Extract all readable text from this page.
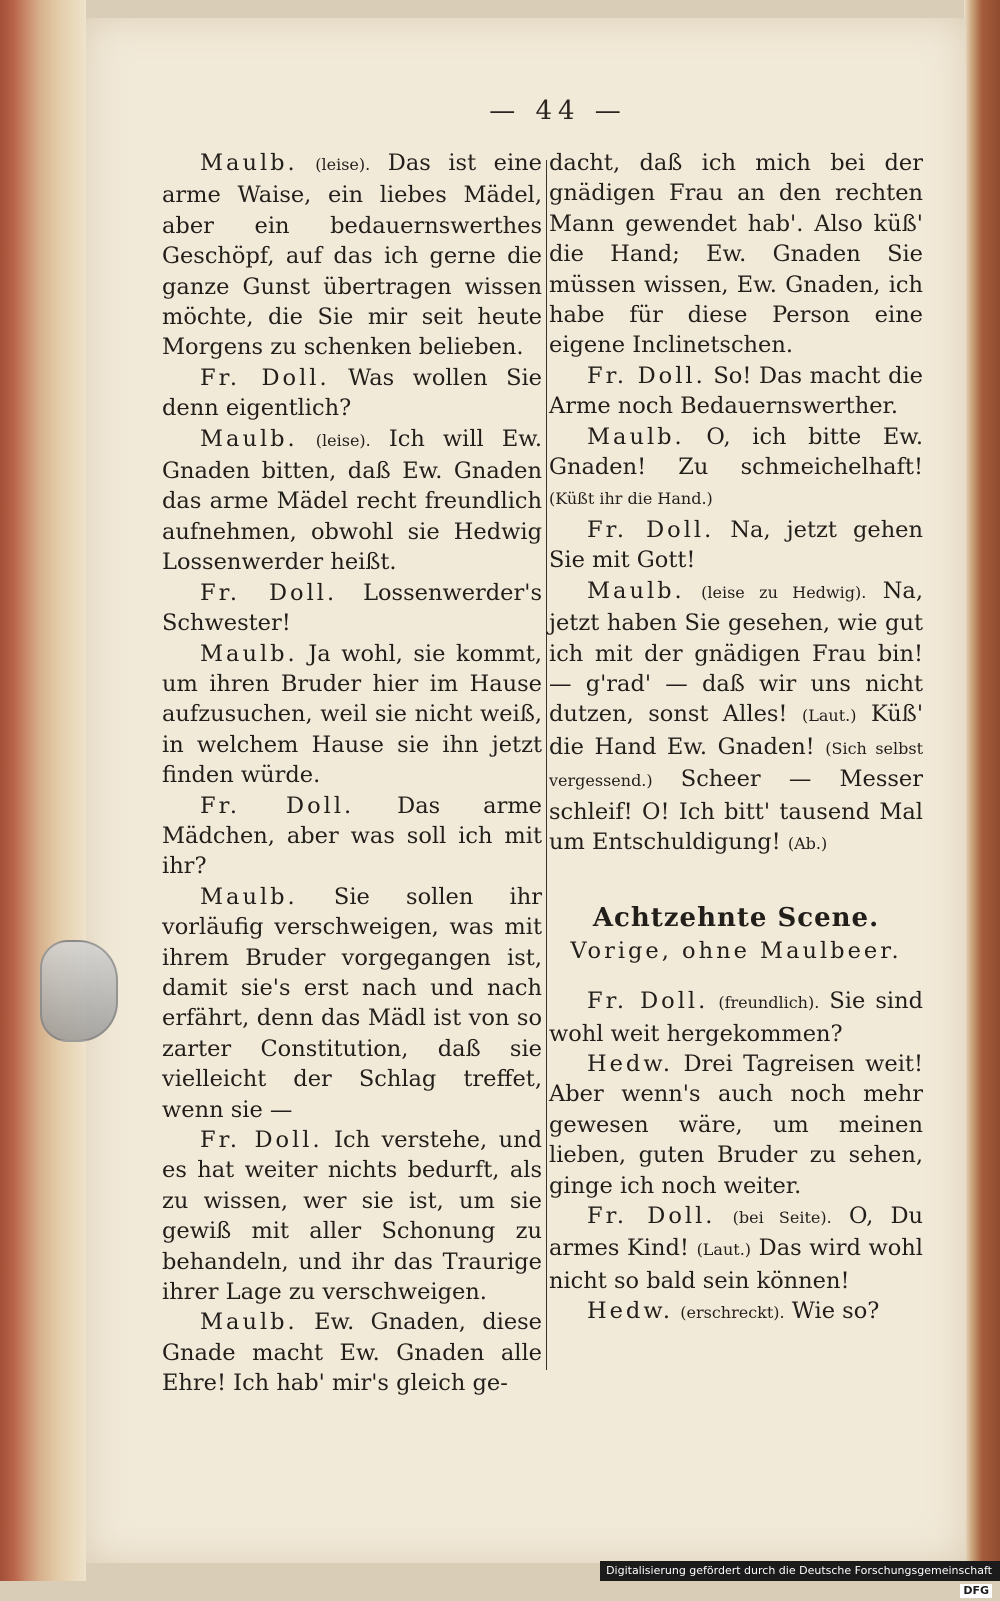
— 44 —

Maulb. (leise). Das ist eine arme Waise, ein liebes Mädel, aber ein bedauernswerthes Geschöpf, auf das ich gerne die ganze Gunst übertragen wissen möchte, die Sie mir seit heute Morgens zu schenken belieben.

Fr. Doll. Was wollen Sie denn eigentlich?

Maulb. (leise). Ich will Ew. Gnaden bitten, daß Ew. Gnaden das arme Mädel recht freundlich aufnehmen, obwohl sie Hedwig Lossenwerder heißt.

Fr. Doll. Lossenwerder's Schwester!

Maulb. Ja wohl, sie kommt, um ihren Bruder hier im Hause aufzusuchen, weil sie nicht weiß, in welchem Hause sie ihn jetzt finden würde.

Fr. Doll. Das arme Mädchen, aber was soll ich mit ihr?

Maulb. Sie sollen ihr vorläufig verschweigen, was mit ihrem Bruder vorgegangen ist, damit sie's erst nach und nach erfährt, denn das Mädl ist von so zarter Constitution, daß sie vielleicht der Schlag treffet, wenn sie —

Fr. Doll. Ich verstehe, und es hat weiter nichts bedurft, als zu wissen, wer sie ist, um sie gewiß mit aller Schonung zu behandeln, und ihr das Traurige ihrer Lage zu verschweigen.

Maulb. Ew. Gnaden, diese Gnade macht Ew. Gnaden alle Ehre! Ich hab' mir's gleich ge-

dacht, daß ich mich bei der gnädigen Frau an den rechten Mann gewendet hab'. Also küß' die Hand; Ew. Gnaden Sie müssen wissen, Ew. Gnaden, ich habe für diese Person eine eigene Inclinetschen.

Fr. Doll. So! Das macht die Arme noch Bedauernswerther.

Maulb. O, ich bitte Ew. Gnaden! Zu schmeichelhaft! (Küßt ihr die Hand.)

Fr. Doll. Na, jetzt gehen Sie mit Gott!

Maulb. (leise zu Hedwig). Na, jetzt haben Sie gesehen, wie gut ich mit der gnädigen Frau bin! — g'rad' — daß wir uns nicht dutzen, sonst Alles! (Laut.) Küß' die Hand Ew. Gnaden! (Sich selbst vergessend.) Scheer — Messer schleif! O! Ich bitt' tausend Mal um Entschuldigung! (Ab.)

Achtzehnte Scene.
Vorige, ohne Maulbeer.

Fr. Doll. (freundlich). Sie sind wohl weit hergekommen?

Hedw. Drei Tagreisen weit! Aber wenn's auch noch mehr gewesen wäre, um meinen lieben, guten Bruder zu sehen, ginge ich noch weiter.

Fr. Doll. (bei Seite). O, Du armes Kind! (Laut.) Das wird wohl nicht so bald sein können!

Hedw. (erschreckt). Wie so?

Digitalisierung gefördert durch die Deutsche Forschungsgemeinschaft DFG
